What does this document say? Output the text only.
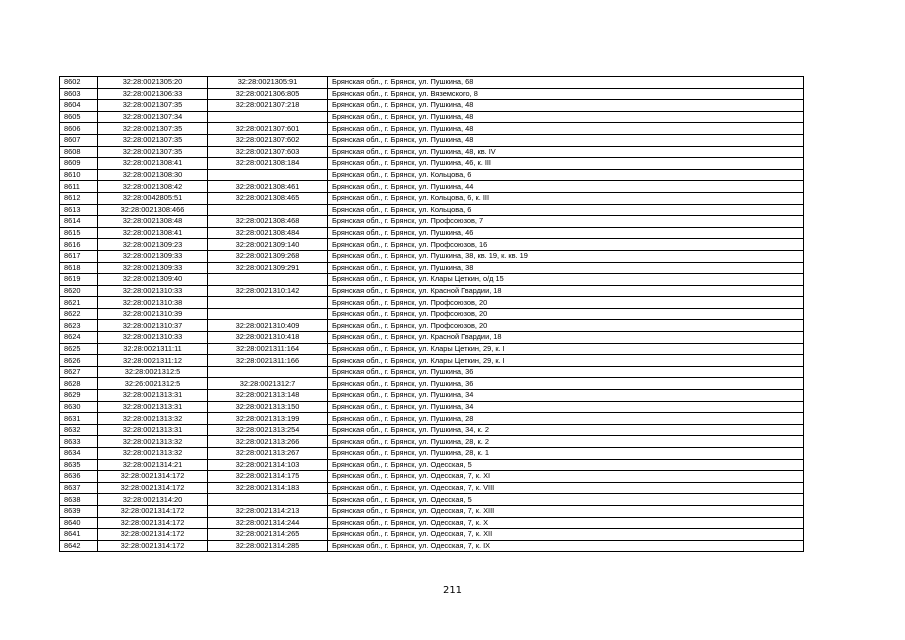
8602	32:28:0021305:20	32:28:0021305:91	Брянская обл., г. Брянск, ул. Пушкина, 68
8603	32:28:0021306:33	32:28:0021306:805	Брянская обл., г. Брянск, ул. Вяземского, 8
8604	32:28:0021307:35	32:28:0021307:218	Брянская обл., г. Брянск, ул. Пушкина, 48
8605	32:28:0021307:34		Брянская обл., г. Брянск, ул. Пушкина, 48
8606	32:28:0021307:35	32:28:0021307:601	Брянская обл., г. Брянск, ул. Пушкина, 48
8607	32:28:0021307:35	32:28:0021307:602	Брянская обл., г. Брянск, ул. Пушкина, 48
8608	32:28:0021307:35	32:28:0021307:603	Брянская обл., г. Брянск, ул. Пушкина, 48, кв. IV
8609	32:28:0021308:41	32:28:0021308:184	Брянская обл., г. Брянск, ул. Пушкина, 46, к. III
8610	32:28:0021308:30		Брянская обл., г. Брянск, ул. Кольцова, 6
8611	32:28:0021308:42	32:28:0021308:461	Брянская обл., г. Брянск, ул. Пушкина, 44
8612	32:28:0042805:51	32:28:0021308:465	Брянская обл., г. Брянск, ул. Кольцова, 6, к. III
8613	32:28:0021308:466		Брянская обл., г. Брянск, ул. Кольцова, 6
8614	32:28:0021308:48	32:28:0021308:468	Брянская обл., г. Брянск, ул. Профсоюзов, 7
8615	32:28:0021308:41	32:28:0021308:484	Брянская обл., г. Брянск, ул. Пушкина, 46
8616	32:28:0021309:23	32:28:0021309:140	Брянская обл., г. Брянск, ул. Профсоюзов, 16
8617	32:28:0021309:33	32:28:0021309:268	Брянская обл., г. Брянск, ул. Пушкина, 38, кв. 19, к. кв. 19
8618	32:28:0021309:33	32:28:0021309:291	Брянская обл., г. Брянск, ул. Пушкина, 38
8619	32:28:0021309:40		Брянская обл., г. Брянск, ул. Клары Цеткин, о/д 15
8620	32:28:0021310:33	32:28:0021310:142	Брянская обл., г. Брянск, ул. Красной Гвардии, 18
8621	32:28:0021310:38		Брянская обл., г. Брянск, ул. Профсоюзов, 20
8622	32:28:0021310:39		Брянская обл., г. Брянск, ул. Профсоюзов, 20
8623	32:28:0021310:37	32:28:0021310:409	Брянская обл., г. Брянск, ул. Профсоюзов, 20
8624	32:28:0021310:33	32:28:0021310:418	Брянская обл., г. Брянск, ул. Красной Гвардии, 18
8625	32:28:0021311:11	32:28:0021311:164	Брянская обл., г. Брянск, ул. Клары Цеткин, 29, к. I
8626	32:28:0021311:12	32:28:0021311:166	Брянская обл., г. Брянск, ул. Клары Цеткин, 29, к. I
8627	32:28:0021312:5		Брянская обл., г. Брянск, ул. Пушкина, 36
8628	32:26:0021312:5	32:28:0021312:7	Брянская обл., г. Брянск, ул. Пушкина, 36
8629	32:28:0021313:31	32:28:0021313:148	Брянская обл., г. Брянск, ул. Пушкина, 34
8630	32:28:0021313:31	32:28:0021313:150	Брянская обл., г. Брянск, ул. Пушкина, 34
8631	32:28:0021313:32	32:28:0021313:199	Брянская обл., г. Брянск, ул. Пушкина, 28
8632	32:28:0021313:31	32:28:0021313:254	Брянская обл., г. Брянск, ул. Пушкина, 34, к. 2
8633	32:28:0021313:32	32:28:0021313:266	Брянская обл., г. Брянск, ул. Пушкина, 28, к. 2
8634	32:28:0021313:32	32:28:0021313:267	Брянская обл., г. Брянск, ул. Пушкина, 28, к. 1
8635	32:28:0021314:21	32:28:0021314:103	Брянская обл., г. Брянск, ул. Одесская, 5
8636	32:28:0021314:172	32:28:0021314:175	Брянская обл., г. Брянск, ул. Одесская, 7, к. XI
8637	32:28:0021314:172	32:28:0021314:183	Брянская обл., г. Брянск, ул. Одесская, 7, к. VIII
8638	32:28:0021314:20		Брянская обл., г. Брянск, ул. Одесская, 5
8639	32:28:0021314:172	32:28:0021314:213	Брянская обл., г. Брянск, ул. Одесская, 7, к. XIII
8640	32:28:0021314:172	32:28:0021314:244	Брянская обл., г. Брянск, ул. Одесская, 7, к. X
8641	32:28:0021314:172	32:28:0021314:265	Брянская обл., г. Брянск, ул. Одесская, 7, к. XII
8642	32:28:0021314:172	32:28:0021314:285	Брянская обл., г. Брянск, ул. Одесская, 7, к. IX
211
